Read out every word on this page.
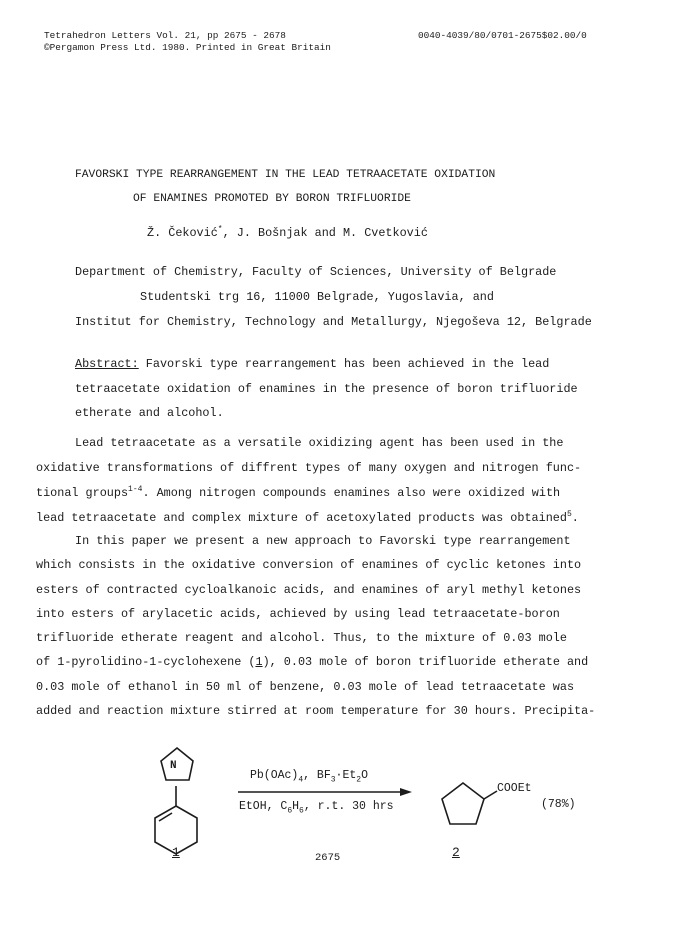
Tetrahedron Letters Vol. 21, pp 2675 - 2678
©Pergamon Press Ltd. 1980. Printed in Great Britain
0040-4039/80/0701-2675$02.00/0
FAVORSKI TYPE REARRANGEMENT IN THE LEAD TETRAACETATE OXIDATION
OF ENAMINES PROMOTED BY BORON TRIFLUORIDE
Ž. Čeković*, J. Bošnjak and M. Cvetković
Department of Chemistry, Faculty of Sciences, University of Belgrade
Studentski trg 16, 11000 Belgrade, Yugoslavia, and
Institut for Chemistry, Technology and Metallurgy, Njegoševa 12, Belgrade
Abstract: Favorski type rearrangement has been achieved in the lead
tetraacetate oxidation of enamines in the presence of boron trifluoride
etherate and alcohol.
Lead tetraacetate as a versatile oxidizing agent has been used in the
oxidative transformations of diffrent types of many oxygen and nitrogen func-
tional groups$^{1-4}$. Among nitrogen compounds enamines also were oxidized with
lead tetraacetate and complex mixture of acetoxylated products was obtained$^5$.
In this paper we present a new approach to Favorski type rearrangement
which consists in the oxidative conversion of enamines of cyclic ketones into
esters of contracted cycloalkanoic acids, and enamines of aryl methyl ketones
into esters of arylacetic acids, achieved by using lead tetraacetate-boron
trifluoride etherate reagent and alcohol. Thus, to the mixture of 0.03 mole
of 1-pyrolidino-1-cyclohexene (1), 0.03 mole of boron trifluoride etherate and
0.03 mole of ethanol in 50 ml of benzene, 0.03 mole of lead tetraacetate was
added and reaction mixture stirred at room temperature for 30 hours. Precipita-
N
$Pb(OAc)_4$, $BF_3\cdot Et_2O$
EtOH, $C_6H_6$, r.t. 30 hrs
COOEt
(78%)
1	2
2675
